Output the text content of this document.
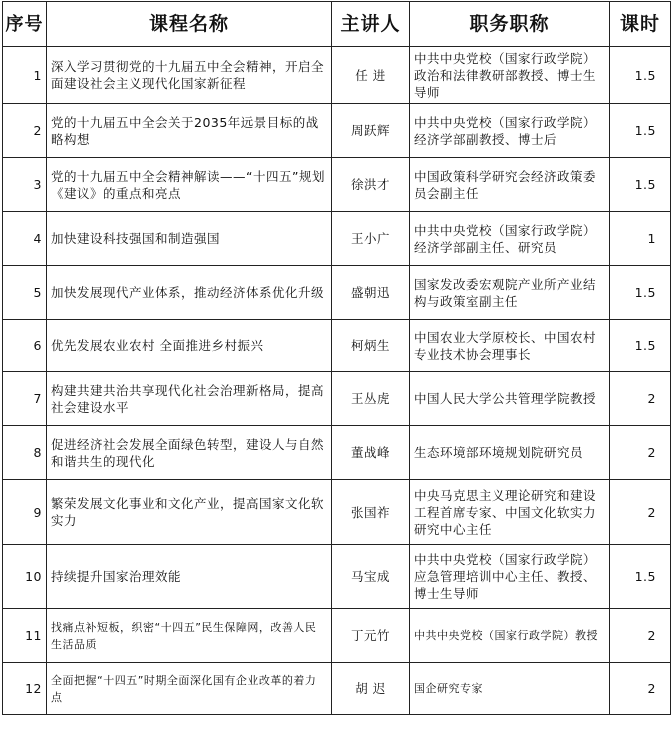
序号	课程名称	主讲人	职务职称	课时
1	深入学习贯彻党的十九届五中全会精神，开启全面建设社会主义现代化国家新征程	任 进	中共中央党校（国家行政学院）政治和法律教研部教授、博士生导师	1.5
2	党的十九届五中全会关于2035年远景目标的战略构想	周跃辉	中共中央党校（国家行政学院）经济学部副教授、博士后	1.5
3	党的十九届五中全会精神解读——“十四五”规划《建议》的重点和亮点	徐洪才	中国政策科学研究会经济政策委员会副主任	1.5
4	加快建设科技强国和制造强国	王小广	中共中央党校（国家行政学院）经济学部副主任、研究员	1
5	加快发展现代产业体系，推动经济体系优化升级	盛朝迅	国家发改委宏观院产业所产业结构与政策室副主任	1.5
6	优先发展农业农村 全面推进乡村振兴	柯炳生	中国农业大学原校长、中国农村专业技术协会理事长	1.5
7	构建共建共治共享现代化社会治理新格局，提高社会建设水平	王丛虎	中国人民大学公共管理学院教授	2
8	促进经济社会发展全面绿色转型，建设人与自然和谐共生的现代化	董战峰	生态环境部环境规划院研究员	2
9	繁荣发展文化事业和文化产业，提高国家文化软实力	张国祚	中央马克思主义理论研究和建设工程首席专家、中国文化软实力研究中心主任	2
10	持续提升国家治理效能	马宝成	中共中央党校（国家行政学院）应急管理培训中心主任、教授、博士生导师	1.5
11	找痛点补短板，织密“十四五”民生保障网，改善人民生活品质	丁元竹	中共中央党校（国家行政学院）教授	2
12	全面把握“十四五”时期全面深化国有企业改革的着力点	胡 迟	国企研究专家	2
